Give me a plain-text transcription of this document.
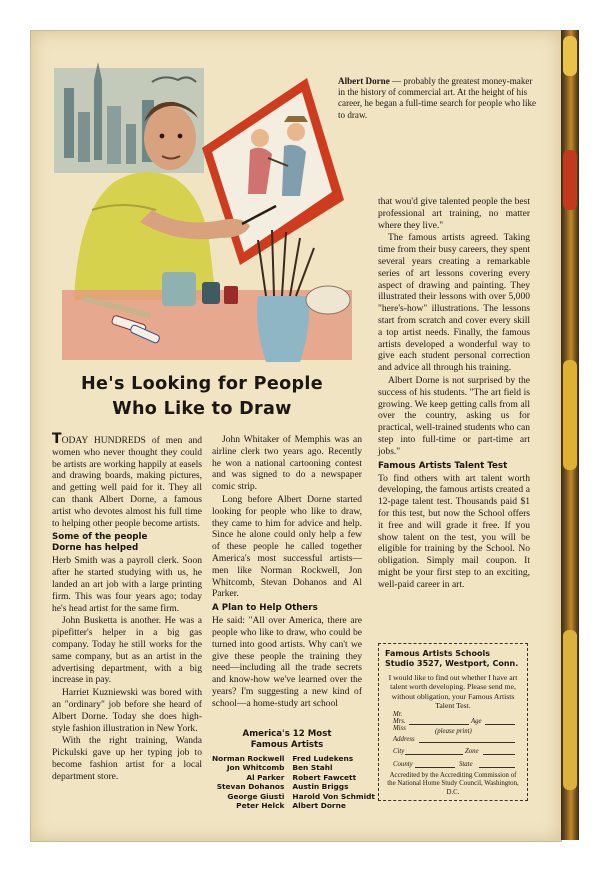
Albert Dorne — probably the greatest money-maker in the history of commercial art. At the height of his career, he began a full-time search for people who like to draw.
He's Looking for People
Who Like to Draw

TODAY HUNDREDS of men and women who never thought they could be artists are working happily at easels and drawing boards, making pictures, and getting well paid for it. They all can thank Albert Dorne, a famous artist who devotes almost his full time to helping other people become artists.

Some of the people
Dorne has helped

Herb Smith was a payroll clerk. Soon after he started studying with us, he landed an art job with a large printing firm. This was four years ago; today he's head artist for the same firm.

John Busketta is another. He was a pipefitter's helper in a big gas company. Today he still works for the same company, but as an artist in the advertising department, with a big increase in pay.

Harriet Kuzniewski was bored with an "ordinary" job before she heard of Albert Dorne. Today she does high-style fashion illustration in New York.

With the right training, Wanda Pickulski gave up her typing job to become fashion artist for a local department store.

John Whitaker of Memphis was an airline clerk two years ago. Recently he won a national cartooning contest and was signed to do a newspaper comic strip.

Long before Albert Dorne started looking for people who like to draw, they came to him for advice and help. Since he alone could only help a few of these people he called together America's most successful artists—men like Norman Rockwell, Jon Whitcomb, Stevan Dohanos and Al Parker.

A Plan to Help Others

He said: "All over America, there are people who like to draw, who could be turned into good artists. Why can't we give these people the training they need—including all the trade secrets and know-how we've learned over the years? I'm suggesting a new kind of school—a home-study art school

America's 12 Most
Famous Artists
Norman Rockwell	Fred Ludekens
Jon Whitcomb	Ben Stahl
Al Parker	Robert Fawcett
Stevan Dohanos	Austin Briggs
George Giusti	Harold Von Schmidt
Peter Helck	Albert Dorne

that wou'd give talented people the best professional art training, no matter where they live."

The famous artists agreed. Taking time from their busy careers, they spent several years creating a remarkable series of art lessons covering every aspect of drawing and painting. They illustrated their lessons with over 5,000 "here's-how" illustrations. The lessons start from scratch and cover every skill a top artist needs. Finally, the famous artists developed a wonderful way to give each student personal correction and advice all through his training.

Albert Dorne is not surprised by the success of his students. "The art field is growing. We keep getting calls from all over the country, asking us for practical, well-trained students who can step into full-time or part-time art jobs."

Famous Artists Talent Test

To find others with art talent worth developing, the famous artists created a 12-page talent test. Thousands paid $1 for this test, but now the School offers it free and will grade it free. If you show talent on the test, you will be eligible for training by the School. No obligation. Simply mail coupon. It might be your first step to an exciting, well-paid career in art.

Famous Artists Schools
Studio 3527, Westport, Conn.
I would like to find out whether I have art talent worth developing. Please send me, without obligation, your Famous Artists Talent Test.
Mr.
Mrs.
Miss
Age
(please print)
Address
City	Zone
County	State
Accredited by the Accrediting Commission of the National Home Study Council, Washington, D.C.
